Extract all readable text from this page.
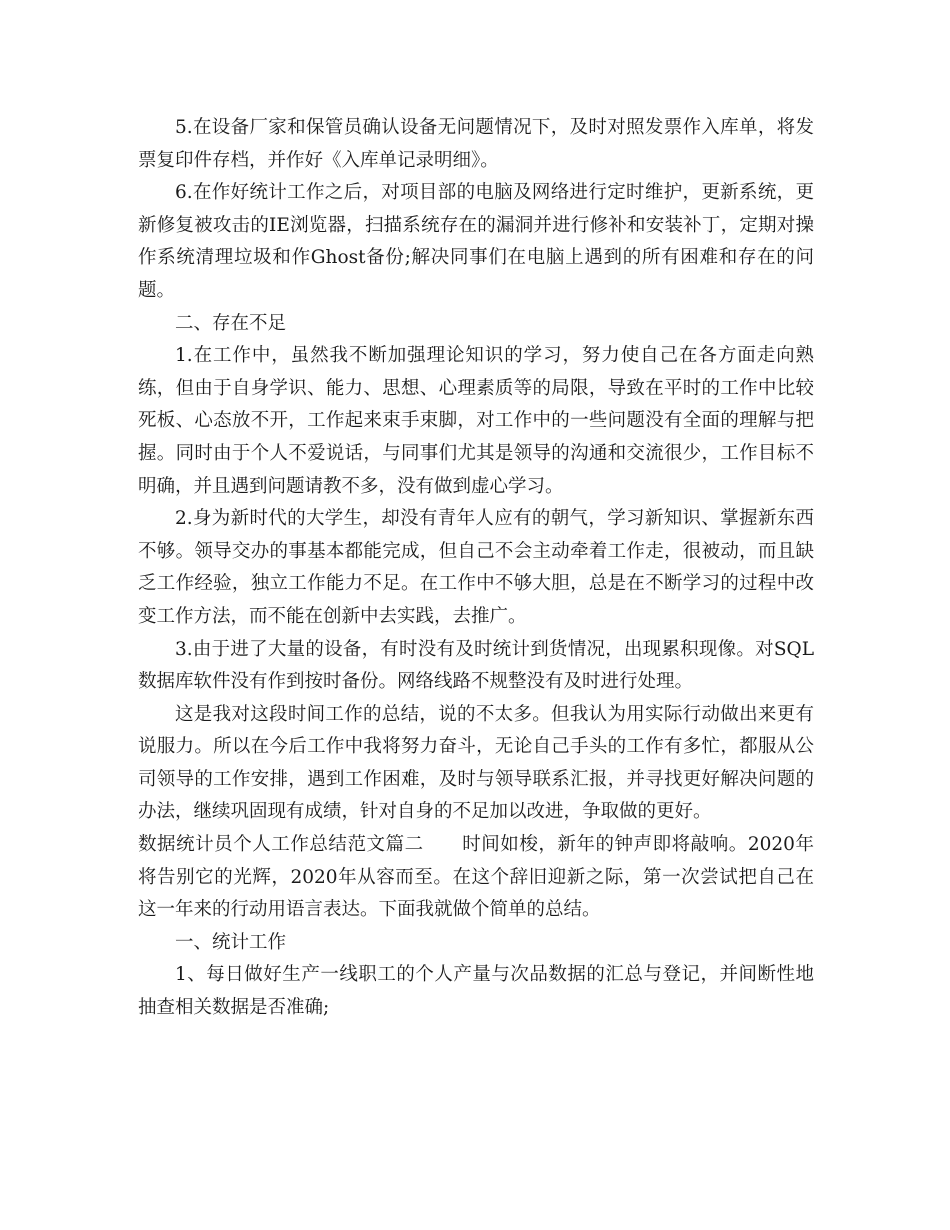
5.在设备厂家和保管员确认设备无问题情况下，及时对照发票作入库单，将发票复印件存档，并作好《入库单记录明细》。

6.在作好统计工作之后，对项目部的电脑及网络进行定时维护，更新系统，更新修复被攻击的IE浏览器，扫描系统存在的漏洞并进行修补和安装补丁，定期对操作系统清理垃圾和作Ghost备份;解决同事们在电脑上遇到的所有困难和存在的问题。

二、存在不足

1.在工作中，虽然我不断加强理论知识的学习，努力使自己在各方面走向熟练，但由于自身学识、能力、思想、心理素质等的局限，导致在平时的工作中比较死板、心态放不开，工作起来束手束脚，对工作中的一些问题没有全面的理解与把握。同时由于个人不爱说话，与同事们尤其是领导的沟通和交流很少，工作目标不明确，并且遇到问题请教不多，没有做到虚心学习。

2.身为新时代的大学生，却没有青年人应有的朝气，学习新知识、掌握新东西不够。领导交办的事基本都能完成，但自己不会主动牵着工作走，很被动，而且缺乏工作经验，独立工作能力不足。在工作中不够大胆，总是在不断学习的过程中改变工作方法，而不能在创新中去实践，去推广。

3.由于进了大量的设备，有时没有及时统计到货情况，出现累积现像。对SQL数据库软件没有作到按时备份。网络线路不规整没有及时进行处理。

这是我对这段时间工作的总结，说的不太多。但我认为用实际行动做出来更有说服力。所以在今后工作中我将努力奋斗，无论自己手头的工作有多忙，都服从公司领导的工作安排，遇到工作困难，及时与领导联系汇报，并寻找更好解决问题的办法，继续巩固现有成绩，针对自身的不足加以改进，争取做的更好。

数据统计员个人工作总结范文篇二 时间如梭，新年的钟声即将敲响。2020年将告别它的光辉，2020年从容而至。在这个辞旧迎新之际，第一次尝试把自己在这一年来的行动用语言表达。下面我就做个简单的总结。

一、统计工作

1、每日做好生产一线职工的个人产量与次品数据的汇总与登记，并间断性地抽查相关数据是否准确;
